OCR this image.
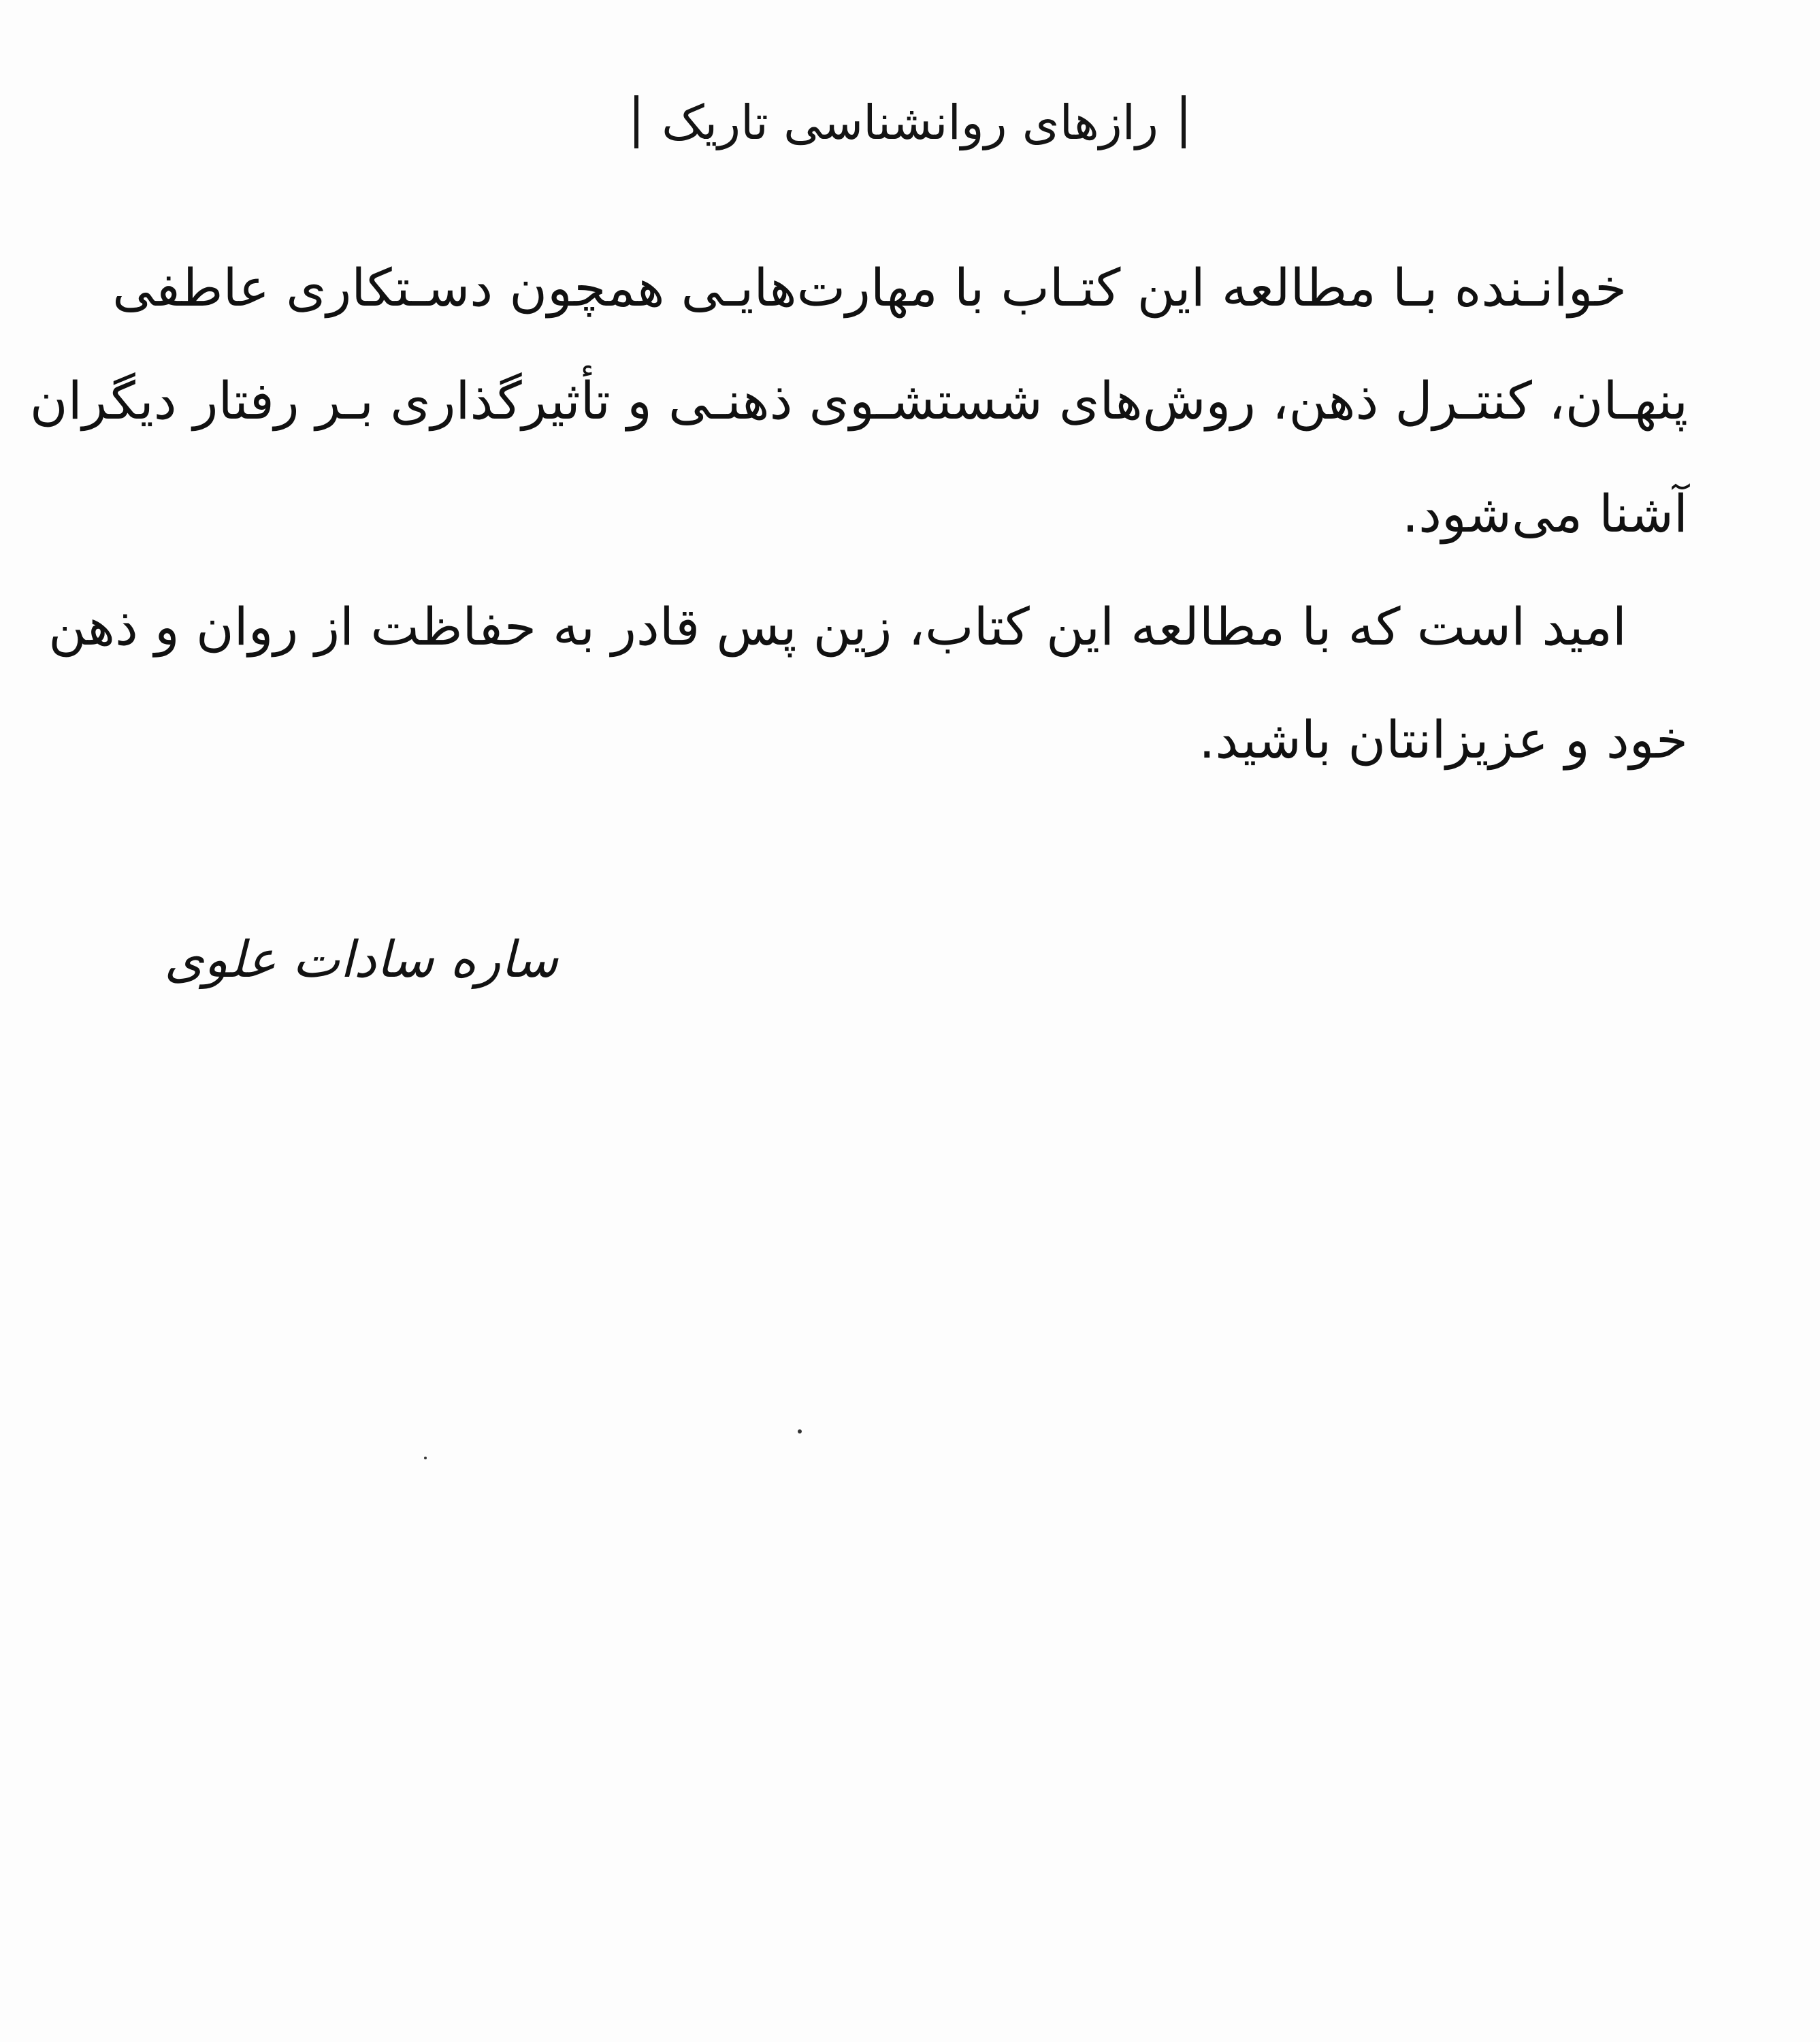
رازهای روانشناسی تاریک

خوانـنده بـا مطالعه این کتـاب با مهارت‌هایـی همچون دسـتکاری عاطفی
پنهـان، کنتـرل ذهن، روش‌های شستشـوی ذهنـی و تأثیرگذاری بـر رفتار دیگران
آشنا می‌شود.

امید است که با مطالعه این کتاب، زین پس قادر به حفاظت از روان و ذهن
خود و عزیزانتان باشید.

ساره سادات علوی
